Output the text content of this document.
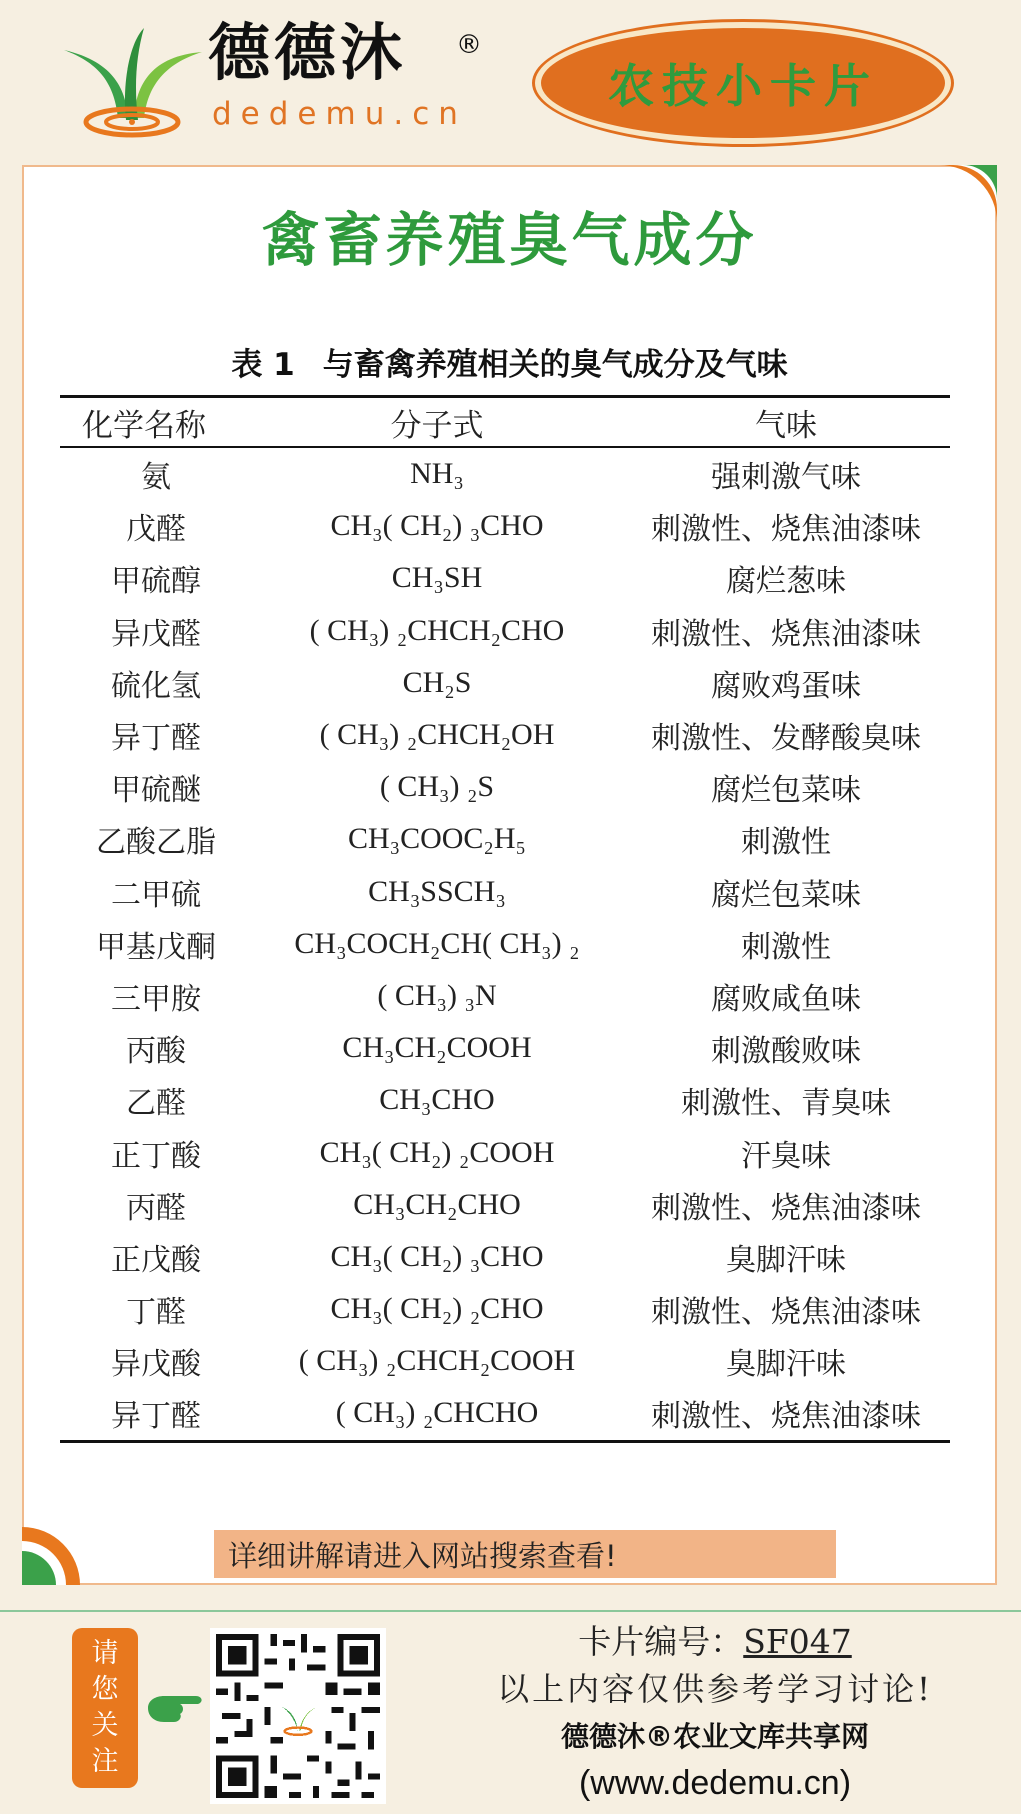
德德沐 ®
dedemu.cn
农技小卡片
禽畜养殖臭气成分
表 1 与畜禽养殖相关的臭气成分及气味
化学名称	分子式	气味
氨	NH₃	强刺激气味
戊醛	CH₃( CH₂) ₃CHO	刺激性、烧焦油漆味
甲硫醇	CH₃SH	腐烂葱味
异戊醛	( CH₃) ₂CHCH₂CHO	刺激性、烧焦油漆味
硫化氢	CH₂S	腐败鸡蛋味
异丁醛	( CH₃) ₂CHCH₂OH	刺激性、发酵酸臭味
甲硫醚	( CH₃) ₂S	腐烂包菜味
乙酸乙脂	CH₃COOC₂H₅	刺激性
二甲硫	CH₃SSCH₃	腐烂包菜味
甲基戊酮	CH₃COCH₂CH( CH₃) ₂	刺激性
三甲胺	( CH₃) ₃N	腐败咸鱼味
丙酸	CH₃CH₂COOH	刺激酸败味
乙醛	CH₃CHO	刺激性、青臭味
正丁酸	CH₃( CH₂) ₂COOH	汗臭味
丙醛	CH₃CH₂CHO	刺激性、烧焦油漆味
正戊酸	CH₃( CH₂) ₃CHO	臭脚汗味
丁醛	CH₃( CH₂) ₂CHO	刺激性、烧焦油漆味
异戊酸	( CH₃) ₂CHCH₂COOH	臭脚汗味
异丁醛	( CH₃) ₂CHCHO	刺激性、烧焦油漆味
详细讲解请进入网站搜索查看!
请
您
关
注
卡片编号：SF047
以上内容仅供参考学习讨论!
德德沐®农业文库共享网
(www.dedemu.cn)
